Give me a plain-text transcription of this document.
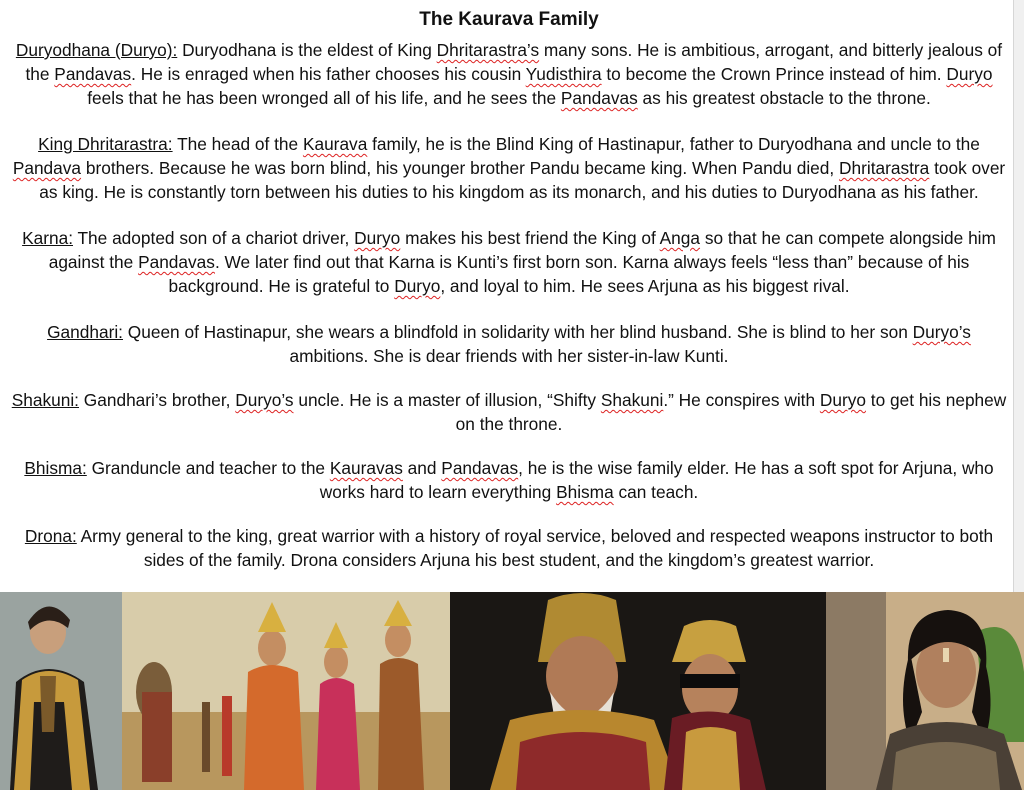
The Kaurava Family

Duryodhana (Duryo): Duryodhana is the eldest of King Dhritarastra’s many sons. He is ambitious, arrogant, and bitterly jealous of the Pandavas. He is enraged when his father chooses his cousin Yudisthira to become the Crown Prince instead of him. Duryo feels that he has been wronged all of his life, and he sees the Pandavas as his greatest obstacle to the throne.

King Dhritarastra: The head of the Kaurava family, he is the Blind King of Hastinapur, father to Duryodhana and uncle to the Pandava brothers. Because he was born blind, his younger brother Pandu became king. When Pandu died, Dhritarastra took over as king. He is constantly torn between his duties to his kingdom as its monarch, and his duties to Duryodhana as his father.

Karna: The adopted son of a chariot driver, Duryo makes his best friend the King of Anga so that he can compete alongside him against the Pandavas. We later find out that Karna is Kunti’s first born son. Karna always feels “less than” because of his background. He is grateful to Duryo, and loyal to him. He sees Arjuna as his biggest rival.

Gandhari: Queen of Hastinapur, she wears a blindfold in solidarity with her blind husband. She is blind to her son Duryo’s ambitions. She is dear friends with her sister-in-law Kunti.

Shakuni: Gandhari’s brother, Duryo’s uncle. He is a master of illusion, “Shifty Shakuni.” He conspires with Duryo to get his nephew on the throne.

Bhisma: Granduncle and teacher to the Kauravas and Pandavas, he is the wise family elder. He has a soft spot for Arjuna, who works hard to learn everything Bhisma can teach.

Drona: Army general to the king, great warrior with a history of royal service, beloved and respected weapons instructor to both sides of the family. Drona considers Arjuna his best student, and the kingdom’s greatest warrior.
